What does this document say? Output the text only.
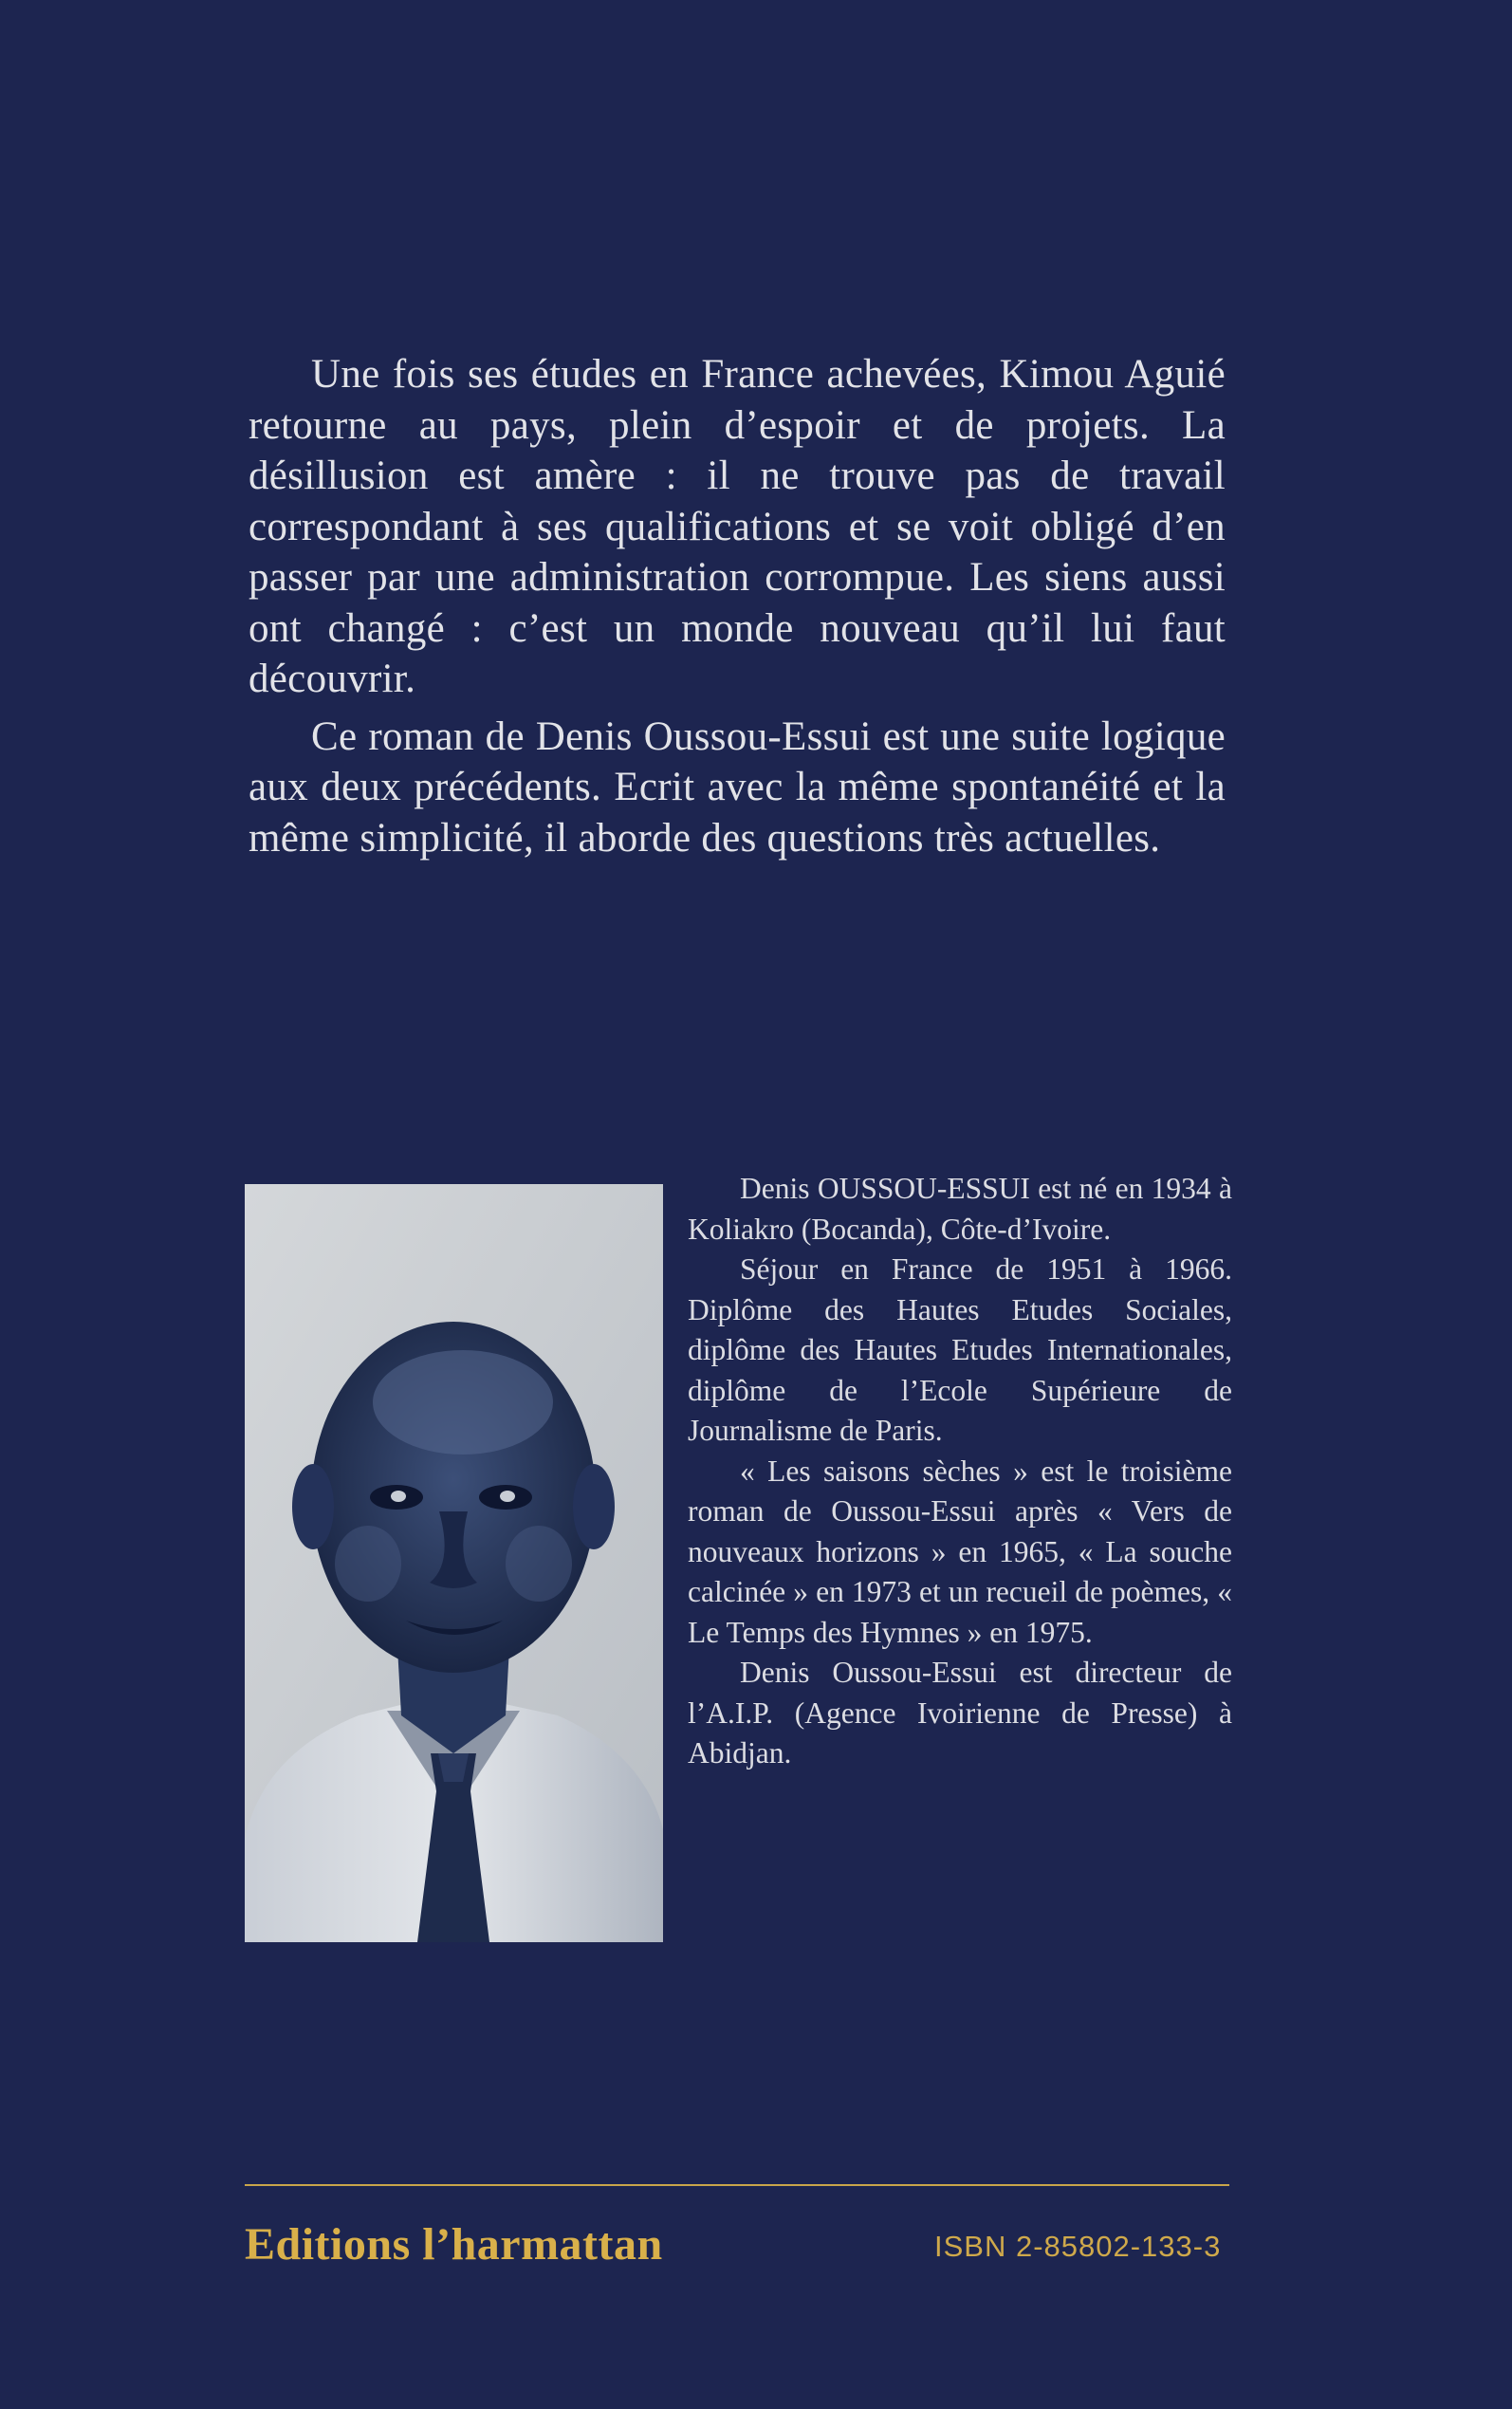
Une fois ses études en France achevées, Kimou Aguié retourne au pays, plein d’espoir et de projets. La désillusion est amère : il ne trouve pas de travail correspondant à ses qualifications et se voit obligé d’en passer par une administration corrompue. Les siens aussi ont changé : c’est un monde nouveau qu’il lui faut découvrir.

Ce roman de Denis Oussou-Essui est une suite logique aux deux précédents. Ecrit avec la même spontanéité et la même simplicité, il aborde des questions très actuelles.

Denis OUSSOU-ESSUI est né en 1934 à Koliakro (Bocanda), Côte-d’Ivoire.

Séjour en France de 1951 à 1966. Diplôme des Hautes Etudes Sociales, diplôme des Hautes Etudes Internationales, diplôme de l’Ecole Supérieure de Journalisme de Paris.

« Les saisons sèches » est le troisième roman de Oussou-Essui après « Vers de nouveaux horizons » en 1965, « La souche calcinée » en 1973 et un recueil de poèmes, « Le Temps des Hymnes » en 1975.

Denis Oussou-Essui est directeur de l’A.I.P. (Agence Ivoirienne de Presse) à Abidjan.

Editions l’harmattan	ISBN 2-85802-133-3
